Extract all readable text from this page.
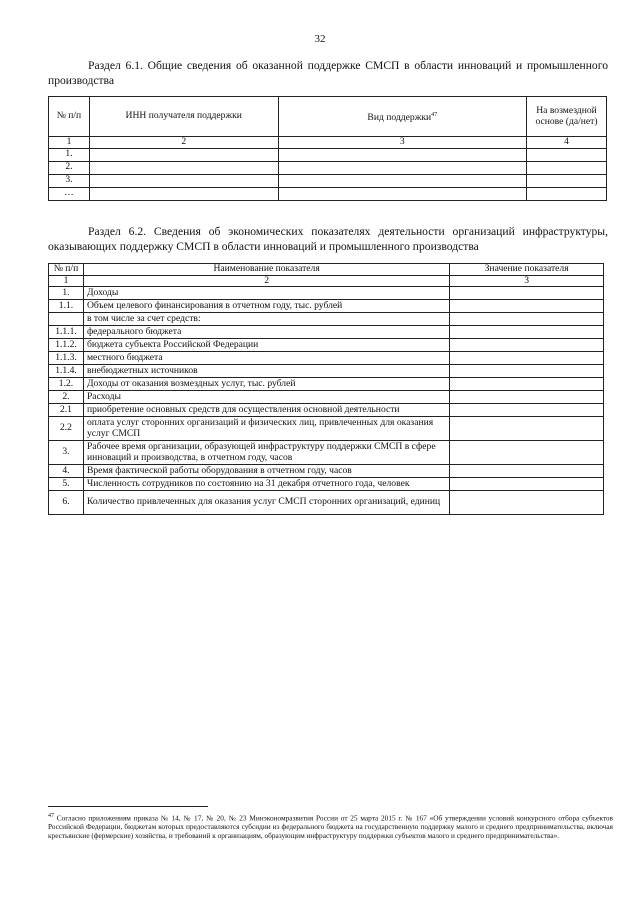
32
Раздел 6.1. Общие сведения об оказанной поддержке СМСП в области инноваций и промышленного производства
№ п/п	ИНН получателя поддержки	Вид поддержки$^{47}$	На возмездной основе (да/нет)
1	2	3	4
1.			
2.			
3.			
…			
Раздел 6.2. Сведения об экономических показателях деятельности организаций инфраструктуры, оказывающих поддержку СМСП в области инноваций и промышленного производства
№ п/п	Наименование показателя	Значение показателя
1	2	3
1.	Доходы	
1.1.	Объем целевого финансирования в отчетном году, тыс. рублей	
	в том числе за счет средств:	
1.1.1.	федерального бюджета	
1.1.2.	бюджета субъекта Российской Федерации	
1.1.3.	местного бюджета	
1.1.4.	внебюджетных источников	
1.2.	Доходы от оказания возмездных услуг, тыс. рублей	
2.	Расходы	
2.1	приобретение основных средств для осуществления основной деятельности	
2.2	оплата услуг сторонних организаций и физических лиц, привлеченных для оказания услуг СМСП	
3.	Рабочее время организации, образующей инфраструктуру поддержки СМСП в сфере инноваций и производства, в отчетном году, часов	
4.	Время фактической работы оборудования в отчетном году, часов	
5.	Численность сотрудников по состоянию на 31 декабря отчетного года, человек	
6.	Количество привлеченных для оказания услуг СМСП сторонних организаций, единиц	
$^{47}$ Согласно приложениям приказа № 14, № 17, № 20, № 23 Минэкономразвития России от 25 марта 2015 г. № 167 «Об утверждении условий конкурсного отбора субъектов Российской Федерации, бюджетам которых предоставляются субсидии из федерального бюджета на государственную поддержку малого и среднего предпринимательства, включая крестьянские (фермерские) хозяйства, и требований к организациям, образующим инфраструктуру поддержки субъектов малого и среднего предпринимательства».
